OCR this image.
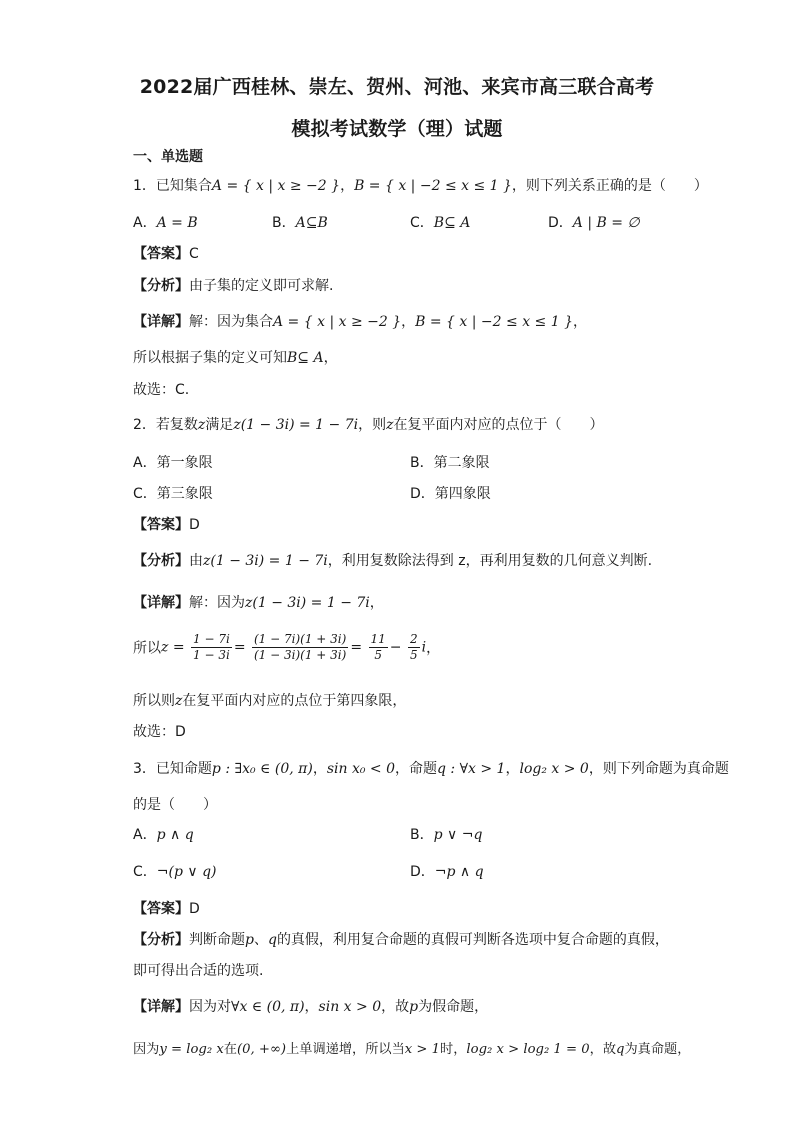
2022届广西桂林、崇左、贺州、河池、来宾市高三联合高考
模拟考试数学（理）试题
一、单选题
1．已知集合A = { x | x ≥ −2 }，B = { x | −2 ≤ x ≤ 1 }，则下列关系正确的是（　　）
A．A = B	B．A⊆B	C．B⊆ A	D．A | B = ∅
【答案】C
【分析】由子集的定义即可求解.
【详解】解：因为集合A = { x | x ≥ −2 }，B = { x | −2 ≤ x ≤ 1 }，
所以根据子集的定义可知B⊆ A，
故选：C.
2．若复数z满足z(1 − 3i) = 1 − 7i，则z在复平面内对应的点位于（　　）
A．第一象限	B．第二象限
C．第三象限	D．第四象限
【答案】D
【分析】由z(1 − 3i) = 1 − 7i，利用复数除法得到 z，再利用复数的几何意义判断.
【详解】解：因为z(1 − 3i) = 1 − 7i，
所以$z = \frac{1 - 7i}{1 - 3i} = \frac{(1 - 7i)(1 + 3i)}{(1 - 3i)(1 + 3i)} = \frac{11}{5} - \frac{2}{5}$ i，
所以则z在复平面内对应的点位于第四象限，
故选：D
3．已知命题p : ∃x₀ ∈ (0, π)，sin x₀ < 0，命题q : ∀x > 1，log₂ x > 0，则下列命题为真命题
的是（　　）
A．p ∧ q	B．p ∨ ¬q
C．¬(p ∨ q)	D．¬p ∧ q
【答案】D
【分析】判断命题p、q的真假，利用复合命题的真假可判断各选项中复合命题的真假，
即可得出合适的选项.
【详解】因为对∀x ∈ (0, π)，sin x > 0，故p为假命题，
因为y = log₂ x在(0, +∞)上单调递增，所以当x > 1时，log₂ x > log₂ 1 = 0，故q为真命题，
